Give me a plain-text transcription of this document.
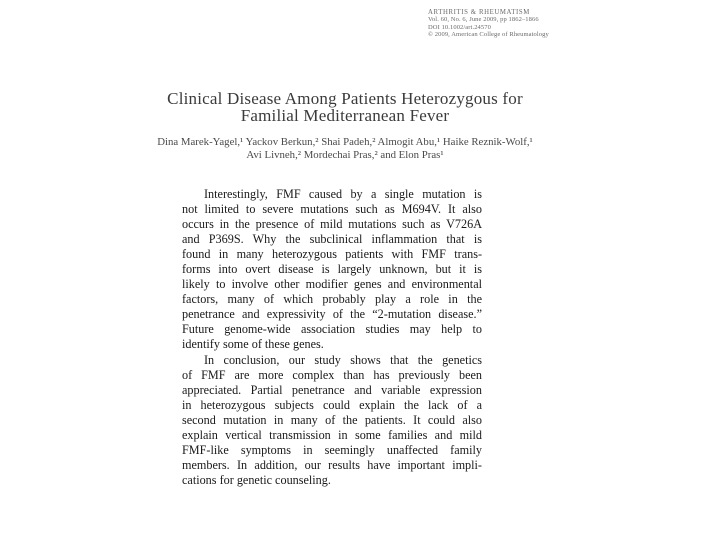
ARTHRITIS & RHEUMATISM
Vol. 60, No. 6, June 2009, pp 1862–1866
DOI 10.1002/art.24570
© 2009, American College of Rheumatology
Clinical Disease Among Patients Heterozygous for
Familial Mediterranean Fever
Dina Marek-Yagel,¹ Yackov Berkun,² Shai Padeh,² Almogit Abu,¹ Haike Reznik-Wolf,¹
Avi Livneh,² Mordechai Pras,² and Elon Pras¹
Interestingly, FMF caused by a single mutation is
not limited to severe mutations such as M694V. It also
occurs in the presence of mild mutations such as V726A
and P369S. Why the subclinical inflammation that is
found in many heterozygous patients with FMF trans-
forms into overt disease is largely unknown, but it is
likely to involve other modifier genes and environmental
factors, many of which probably play a role in the
penetrance and expressivity of the “2-mutation disease.”
Future genome-wide association studies may help to
identify some of these genes.
In conclusion, our study shows that the genetics
of FMF are more complex than has previously been
appreciated. Partial penetrance and variable expression
in heterozygous subjects could explain the lack of a
second mutation in many of the patients. It could also
explain vertical transmission in some families and mild
FMF-like symptoms in seemingly unaffected family
members. In addition, our results have important impli-
cations for genetic counseling.
